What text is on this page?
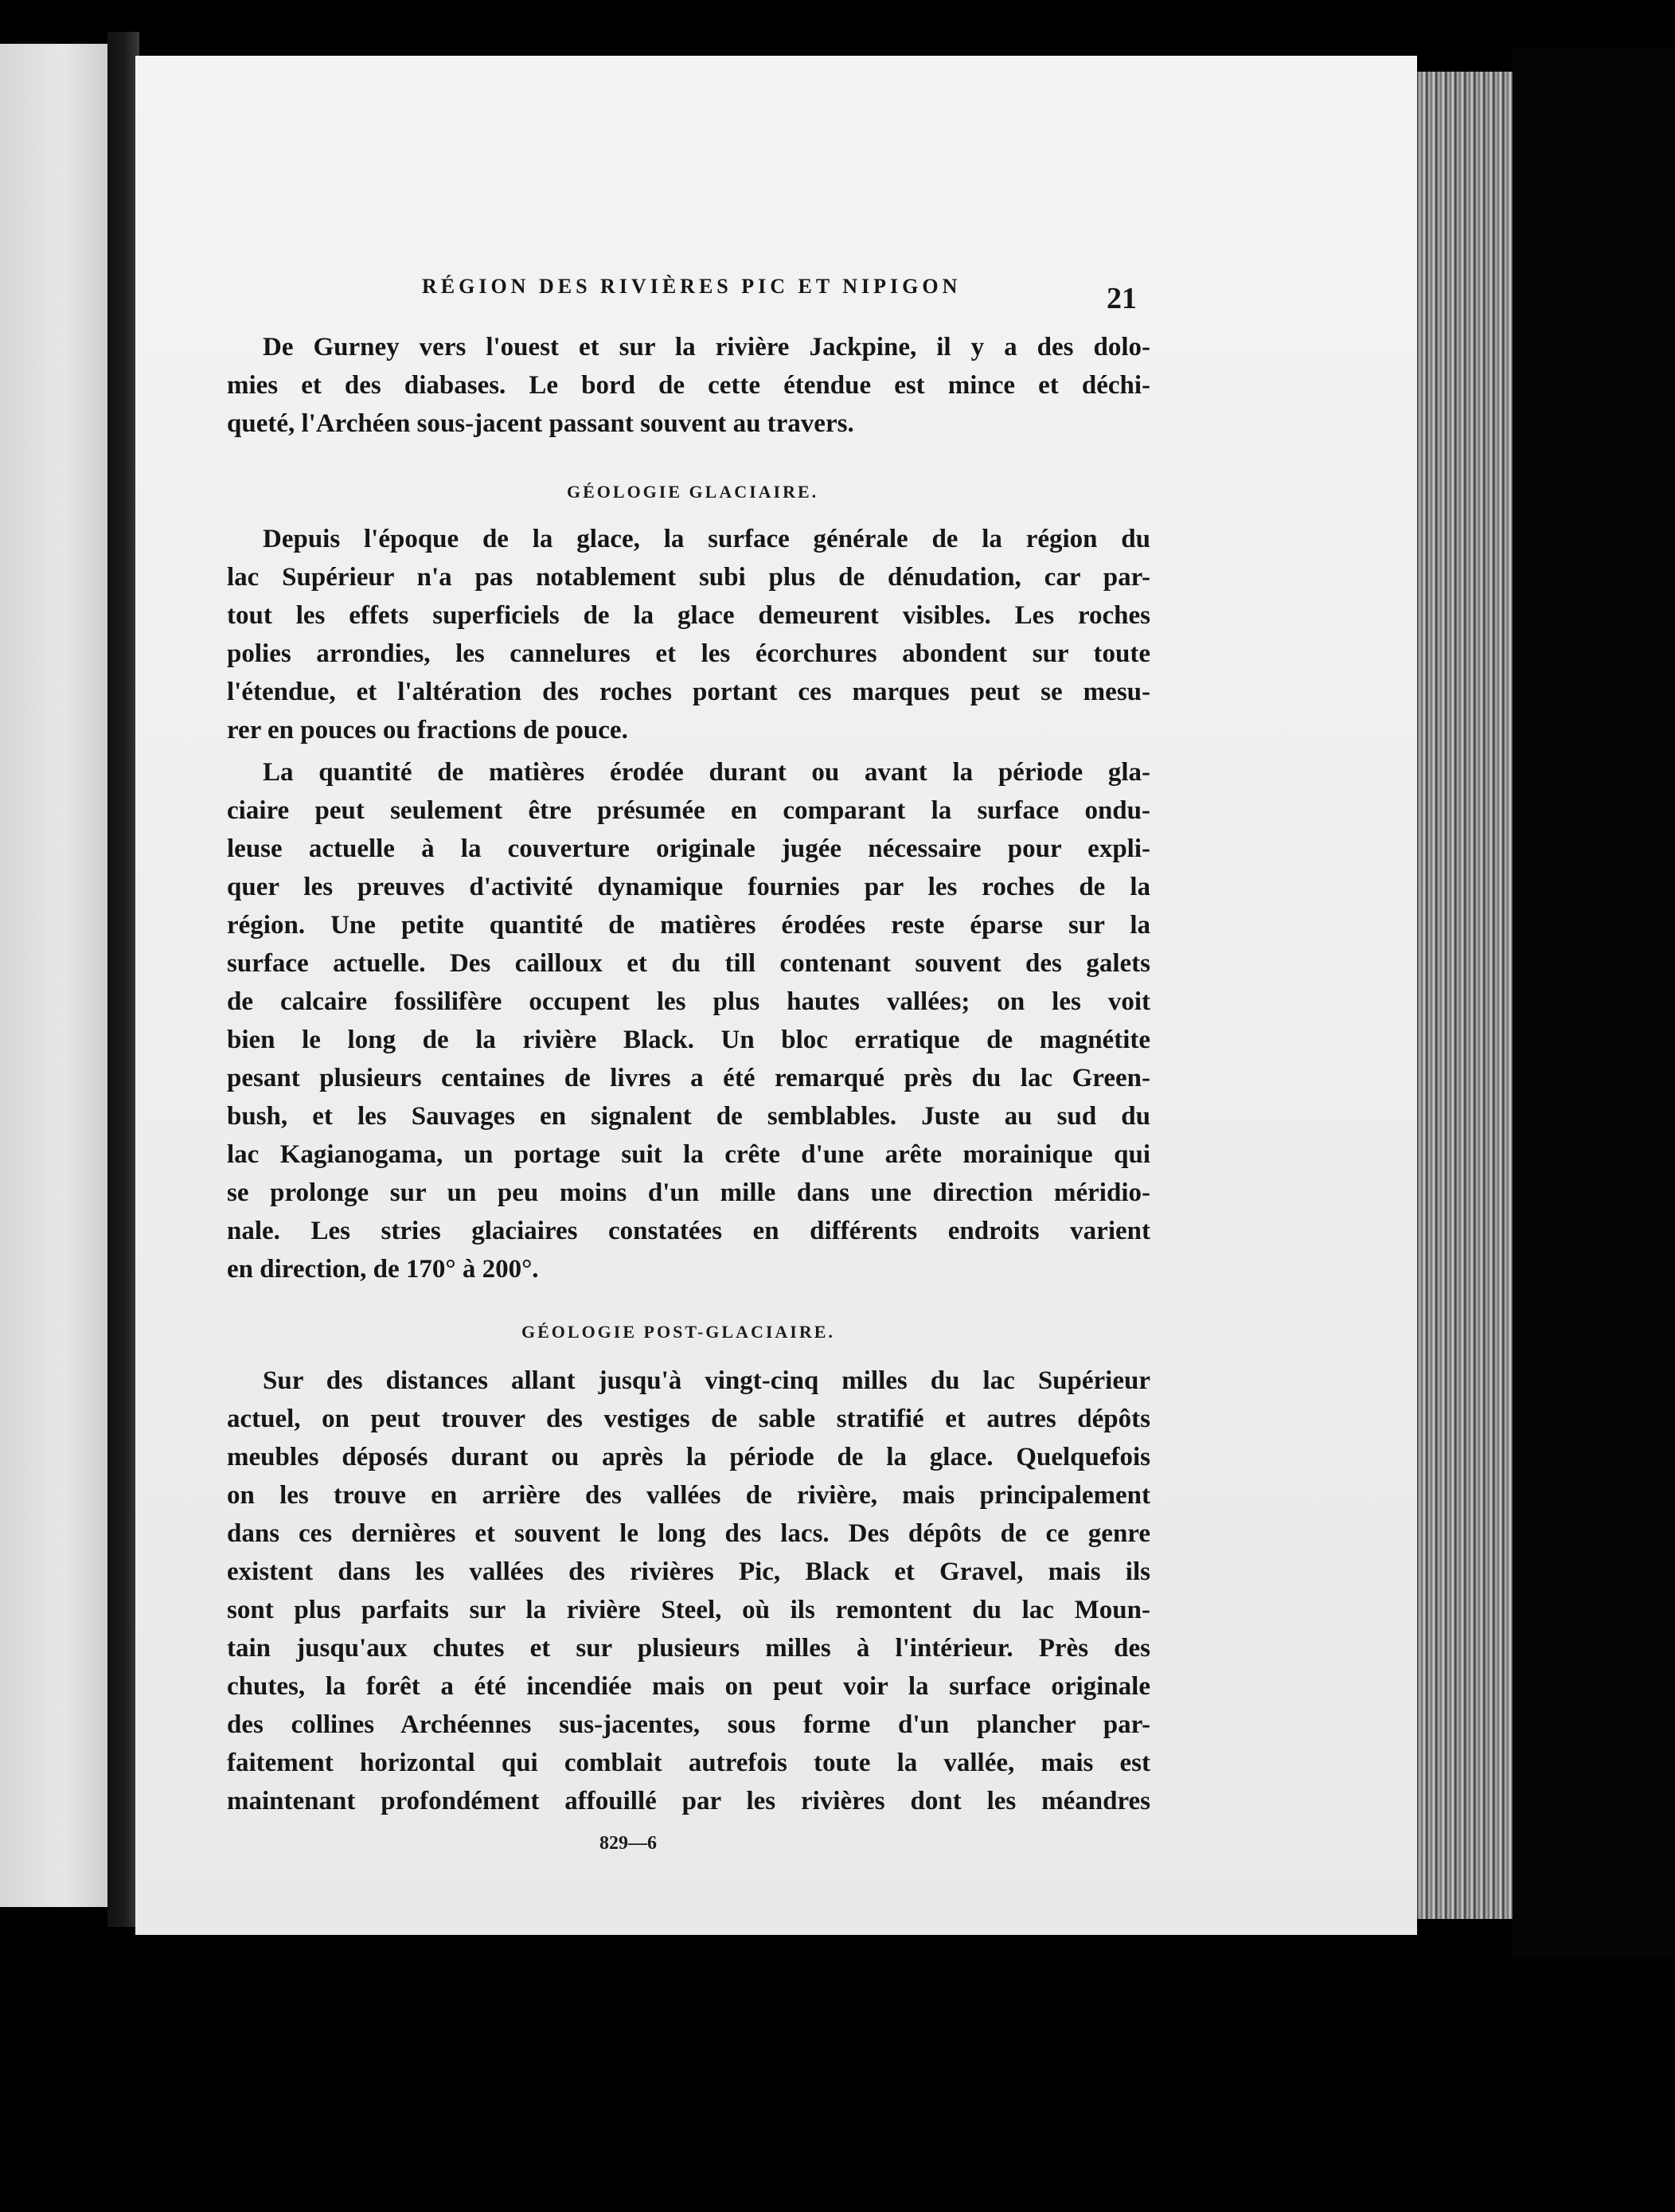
RÉGION DES RIVIÈRES PIC ET NIPIGON	21
De Gurney vers l'ouest et sur la rivière Jackpine, il y a des dolo-
mies et des diabases. Le bord de cette étendue est mince et déchi-
queté, l'Archéen sous-jacent passant souvent au travers.
GÉOLOGIE GLACIAIRE.
Depuis l'époque de la glace, la surface générale de la région du
lac Supérieur n'a pas notablement subi plus de dénudation, car par-
tout les effets superficiels de la glace demeurent visibles. Les roches
polies arrondies, les cannelures et les écorchures abondent sur toute
l'étendue, et l'altération des roches portant ces marques peut se mesu-
rer en pouces ou fractions de pouce.
La quantité de matières érodée durant ou avant la période gla-
ciaire peut seulement être présumée en comparant la surface ondu-
leuse actuelle à la couverture originale jugée nécessaire pour expli-
quer les preuves d'activité dynamique fournies par les roches de la
région. Une petite quantité de matières érodées reste éparse sur la
surface actuelle. Des cailloux et du till contenant souvent des galets
de calcaire fossilifère occupent les plus hautes vallées; on les voit
bien le long de la rivière Black. Un bloc erratique de magnétite
pesant plusieurs centaines de livres a été remarqué près du lac Green-
bush, et les Sauvages en signalent de semblables. Juste au sud du
lac Kagianogama, un portage suit la crête d'une arête morainique qui
se prolonge sur un peu moins d'un mille dans une direction méridio-
nale. Les stries glaciaires constatées en différents endroits varient
en direction, de 170° à 200°.
GÉOLOGIE POST-GLACIAIRE.
Sur des distances allant jusqu'à vingt-cinq milles du lac Supérieur
actuel, on peut trouver des vestiges de sable stratifié et autres dépôts
meubles déposés durant ou après la période de la glace. Quelquefois
on les trouve en arrière des vallées de rivière, mais principalement
dans ces dernières et souvent le long des lacs. Des dépôts de ce genre
existent dans les vallées des rivières Pic, Black et Gravel, mais ils
sont plus parfaits sur la rivière Steel, où ils remontent du lac Moun-
tain jusqu'aux chutes et sur plusieurs milles à l'intérieur. Près des
chutes, la forêt a été incendiée mais on peut voir la surface originale
des collines Archéennes sus-jacentes, sous forme d'un plancher par-
faitement horizontal qui comblait autrefois toute la vallée, mais est
maintenant profondément affouillé par les rivières dont les méandres
829—6
